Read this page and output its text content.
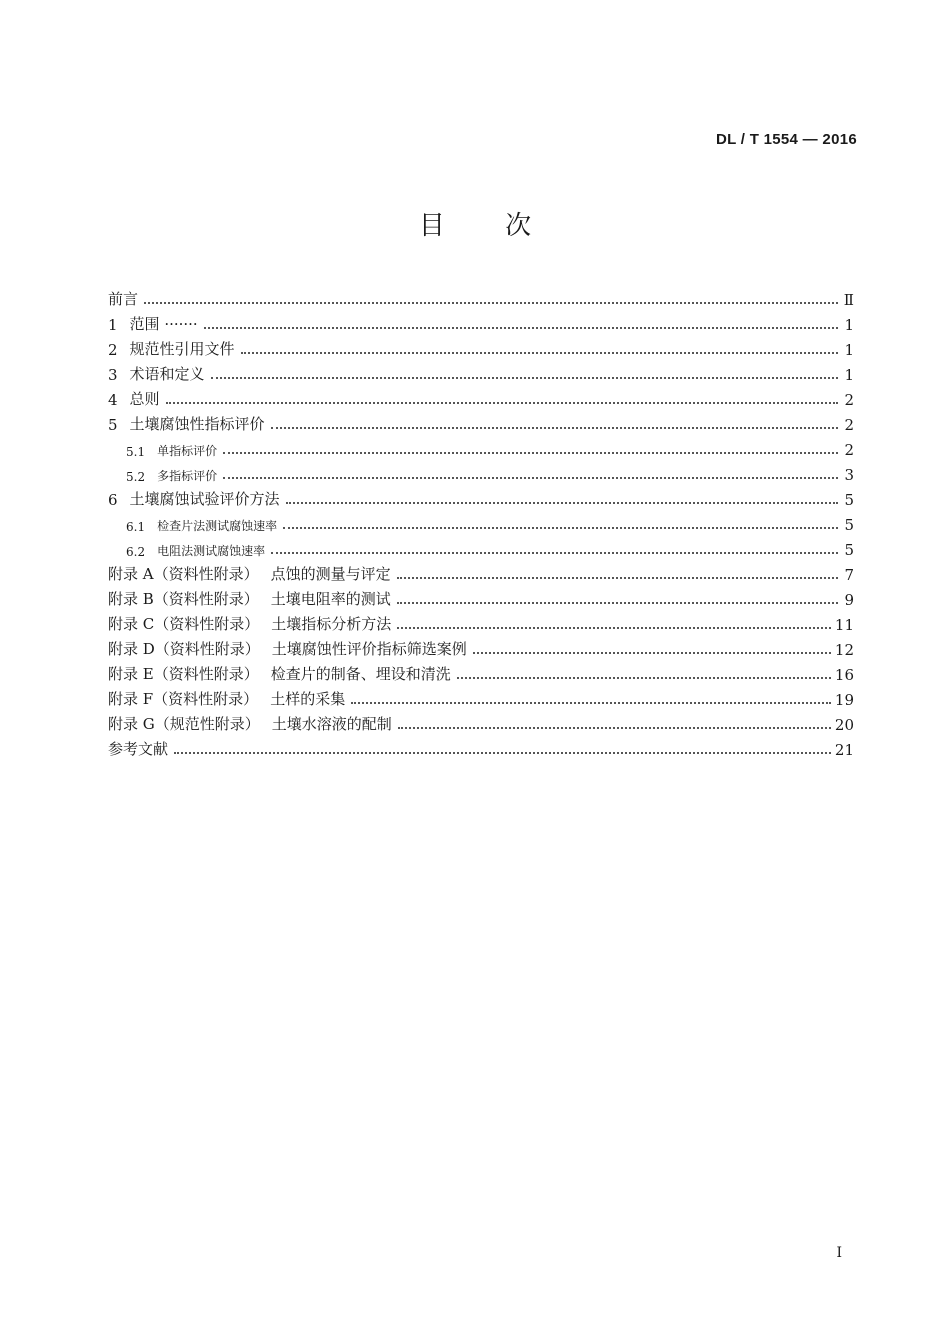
DL / T 1554 — 2016
目 次
前言	Ⅱ
1 范围 ·······	1
2 规范性引用文件	1
3 术语和定义	1
4 总则	2
5 土壤腐蚀性指标评价	2
5.1 单指标评价	2
5.2 多指标评价	3
6 土壤腐蚀试验评价方法	5
6.1 检查片法测试腐蚀速率	5
6.2 电阻法测试腐蚀速率	5
附录 A（资料性附录） 点蚀的测量与评定	7
附录 B（资料性附录） 土壤电阻率的测试	9
附录 C（资料性附录） 土壤指标分析方法	11
附录 D（资料性附录） 土壤腐蚀性评价指标筛选案例	12
附录 E（资料性附录） 检查片的制备、埋设和清洗	16
附录 F（资料性附录） 土样的采集	19
附录 G（规范性附录） 土壤水溶液的配制	20
参考文献	21
I
